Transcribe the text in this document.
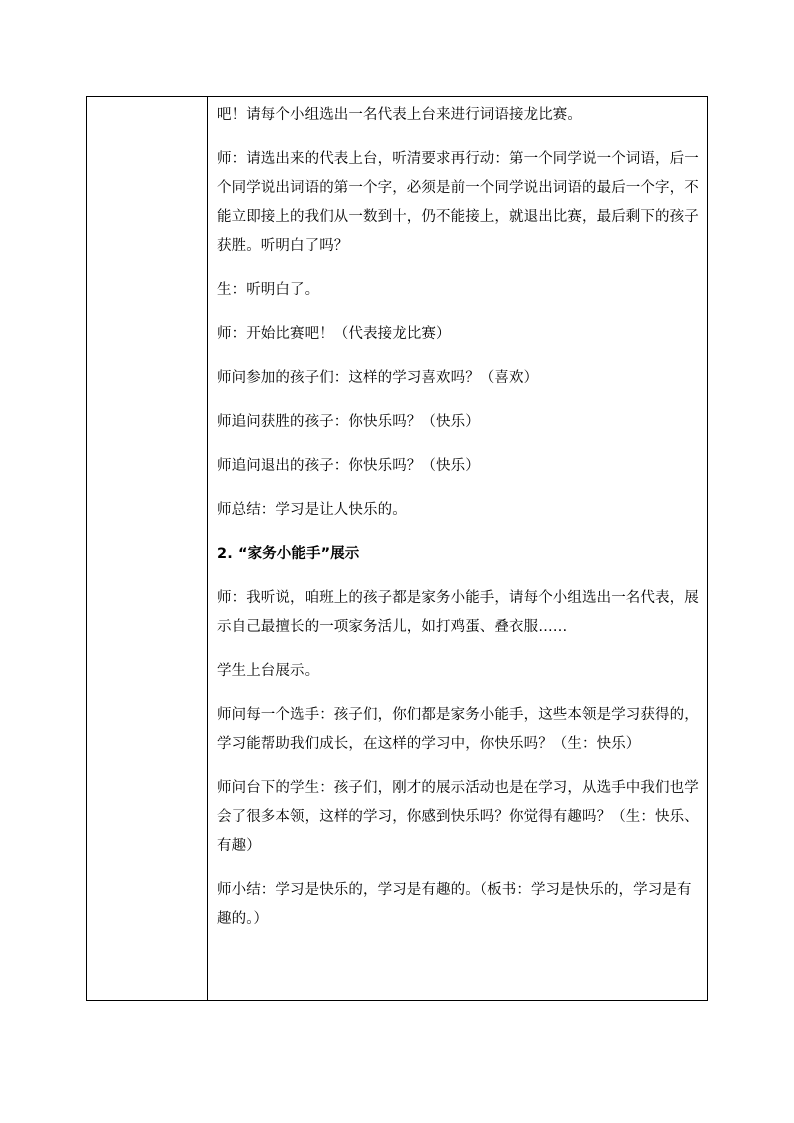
吧！请每个小组选出一名代表上台来进行词语接龙比赛。

师：请选出来的代表上台，听清要求再行动：第一个同学说一个词语，后一个同学说出词语的第一个字，必须是前一个同学说出词语的最后一个字，不能立即接上的我们从一数到十，仍不能接上，就退出比赛，最后剩下的孩子获胜。听明白了吗？

生：听明白了。

师：开始比赛吧！（代表接龙比赛）

师问参加的孩子们：这样的学习喜欢吗？（喜欢）

师追问获胜的孩子：你快乐吗？（快乐）

师追问退出的孩子：你快乐吗？（快乐）

师总结：学习是让人快乐的。

2. “家务小能手”展示

师：我听说，咱班上的孩子都是家务小能手，请每个小组选出一名代表，展示自己最擅长的一项家务活儿，如打鸡蛋、叠衣服……

学生上台展示。

师问每一个选手：孩子们，你们都是家务小能手，这些本领是学习获得的，学习能帮助我们成长，在这样的学习中，你快乐吗？（生：快乐）

师问台下的学生：孩子们，刚才的展示活动也是在学习，从选手中我们也学会了很多本领，这样的学习，你感到快乐吗？你觉得有趣吗？（生：快乐、有趣）

师小结：学习是快乐的，学习是有趣的。（板书：学习是快乐的，学习是有趣的。）
